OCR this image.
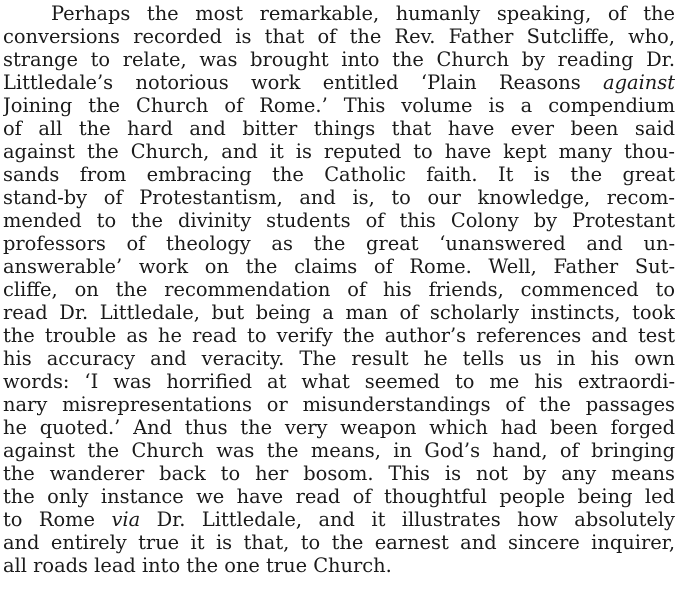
Perhaps the most remarkable, humanly speaking, of the
conversions recorded is that of the Rev. Father Sutcliffe, who,
strange to relate, was brought into the Church by reading Dr.
Littledale’s notorious work entitled ‘Plain Reasons against
Joining the Church of Rome.’ This volume is a compendium
of all the hard and bitter things that have ever been said
against the Church, and it is reputed to have kept many thou-
sands from embracing the Catholic faith. It is the great
stand-by of Protestantism, and is, to our knowledge, recom-
mended to the divinity students of this Colony by Protestant
professors of theology as the great ‘unanswered and un-
answerable’ work on the claims of Rome. Well, Father Sut-
cliffe, on the recommendation of his friends, commenced to
read Dr. Littledale, but being a man of scholarly instincts, took
the trouble as he read to verify the author’s references and test
his accuracy and veracity. The result he tells us in his own
words: ‘I was horrified at what seemed to me his extraordi-
nary misrepresentations or misunderstandings of the passages
he quoted.’ And thus the very weapon which had been forged
against the Church was the means, in God’s hand, of bringing
the wanderer back to her bosom. This is not by any means
the only instance we have read of thoughtful people being led
to Rome via Dr. Littledale, and it illustrates how absolutely
and entirely true it is that, to the earnest and sincere inquirer,
all roads lead into the one true Church.
